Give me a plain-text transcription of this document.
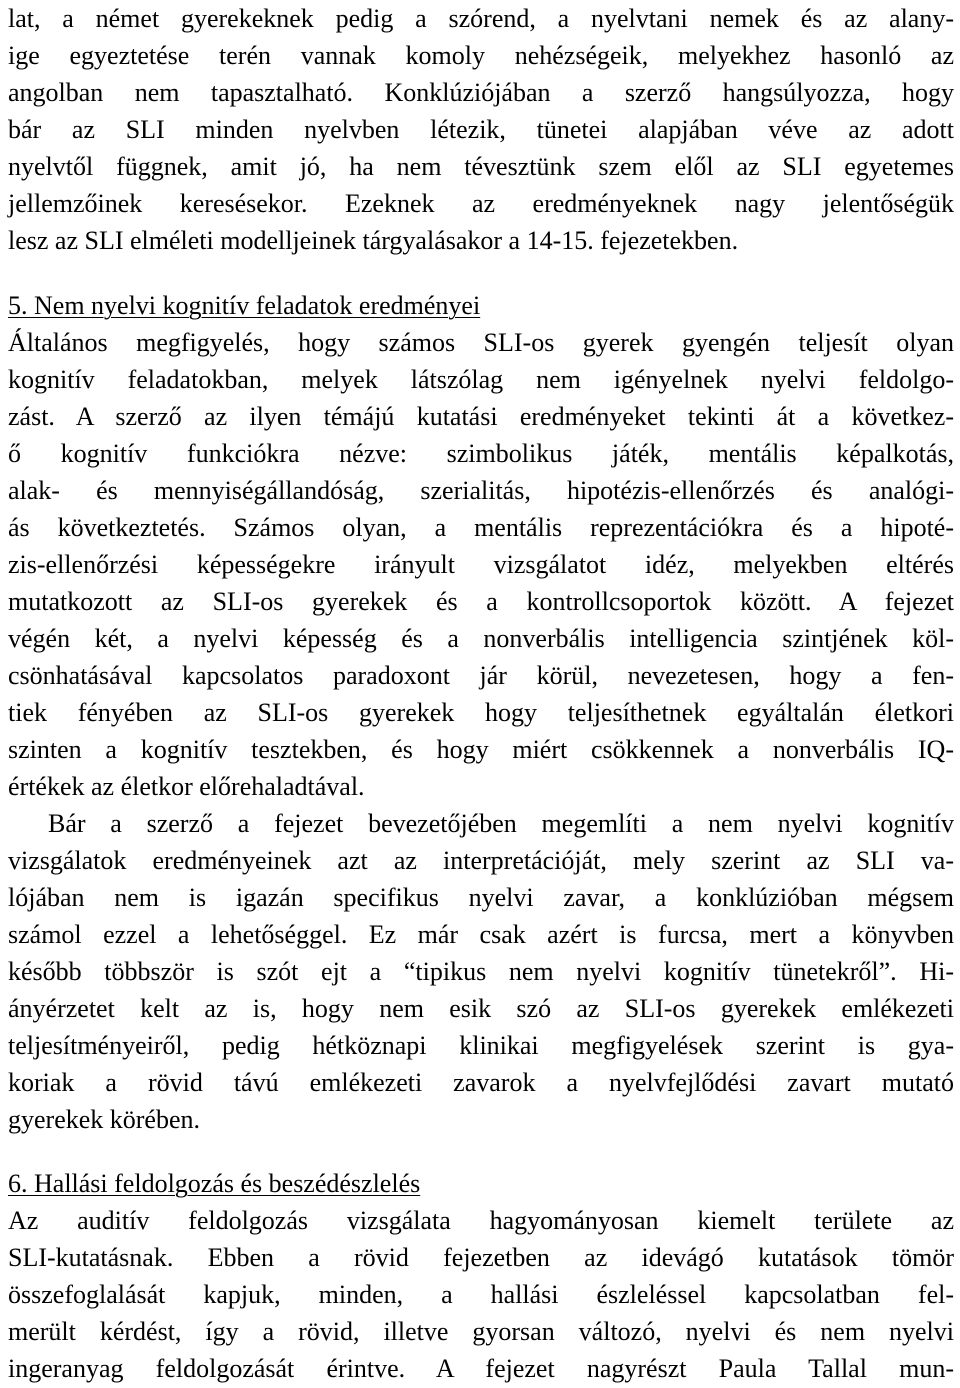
lat, a német gyerekeknek pedig a szórend, a nyelvtani nemek és az alany-
ige egyeztetése terén vannak komoly nehézségeik, melyekhez hasonló az
angolban nem tapasztalható. Konklúziójában a szerző hangsúlyozza, hogy
bár az SLI minden nyelvben létezik, tünetei alapjában véve az adott
nyelvtől függnek, amit jó, ha nem tévesztünk szem elől az SLI egyetemes
jellemzőinek keresésekor. Ezeknek az eredményeknek nagy jelentőségük
lesz az SLI elméleti modelljeinek tárgyalásakor a 14-15. fejezetekben.
5. Nem nyelvi kognitív feladatok eredményei
Általános megfigyelés, hogy számos SLI-os gyerek gyengén teljesít olyan
kognitív feladatokban, melyek látszólag nem igényelnek nyelvi feldolgo-
zást. A szerző az ilyen témájú kutatási eredményeket tekinti át a következ-
ő kognitív funkciókra nézve: szimbolikus játék, mentális képalkotás,
alak- és mennyiségállandóság, szerialitás, hipotézis-ellenőrzés és analógi-
ás következtetés. Számos olyan, a mentális reprezentációkra és a hipoté-
zis-ellenőrzési képességekre irányult vizsgálatot idéz, melyekben eltérés
mutatkozott az SLI-os gyerekek és a kontrollcsoportok között. A fejezet
végén két, a nyelvi képesség és a nonverbális intelligencia szintjének köl-
csönhatásával kapcsolatos paradoxont jár körül, nevezetesen, hogy a fen-
tiek fényében az SLI-os gyerekek hogy teljesíthetnek egyáltalán életkori
szinten a kognitív tesztekben, és hogy miért csökkennek a nonverbális IQ-
értékek az életkor előrehaladtával.
Bár a szerző a fejezet bevezetőjében megemlíti a nem nyelvi kognitív
vizsgálatok eredményeinek azt az interpretációját, mely szerint az SLI va-
lójában nem is igazán specifikus nyelvi zavar, a konklúzióban mégsem
számol ezzel a lehetőséggel. Ez már csak azért is furcsa, mert a könyvben
később többször is szót ejt a “tipikus nem nyelvi kognitív tünetekről”. Hi-
ányérzetet kelt az is, hogy nem esik szó az SLI-os gyerekek emlékezeti
teljesítményeiről, pedig hétköznapi klinikai megfigyelések szerint is gya-
koriak a rövid távú emlékezeti zavarok a nyelvfejlődési zavart mutató
gyerekek körében.
6. Hallási feldolgozás és beszédészlelés
Az auditív feldolgozás vizsgálata hagyományosan kiemelt területe az
SLI-kutatásnak. Ebben a rövid fejezetben az idevágó kutatások tömör
összefoglalását kapjuk, minden, a hallási észleléssel kapcsolatban fel-
merült kérdést, így a rövid, illetve gyorsan változó, nyelvi és nem nyelvi
ingeranyag feldolgozását érintve. A fejezet nagyrészt Paula Tallal mun-
